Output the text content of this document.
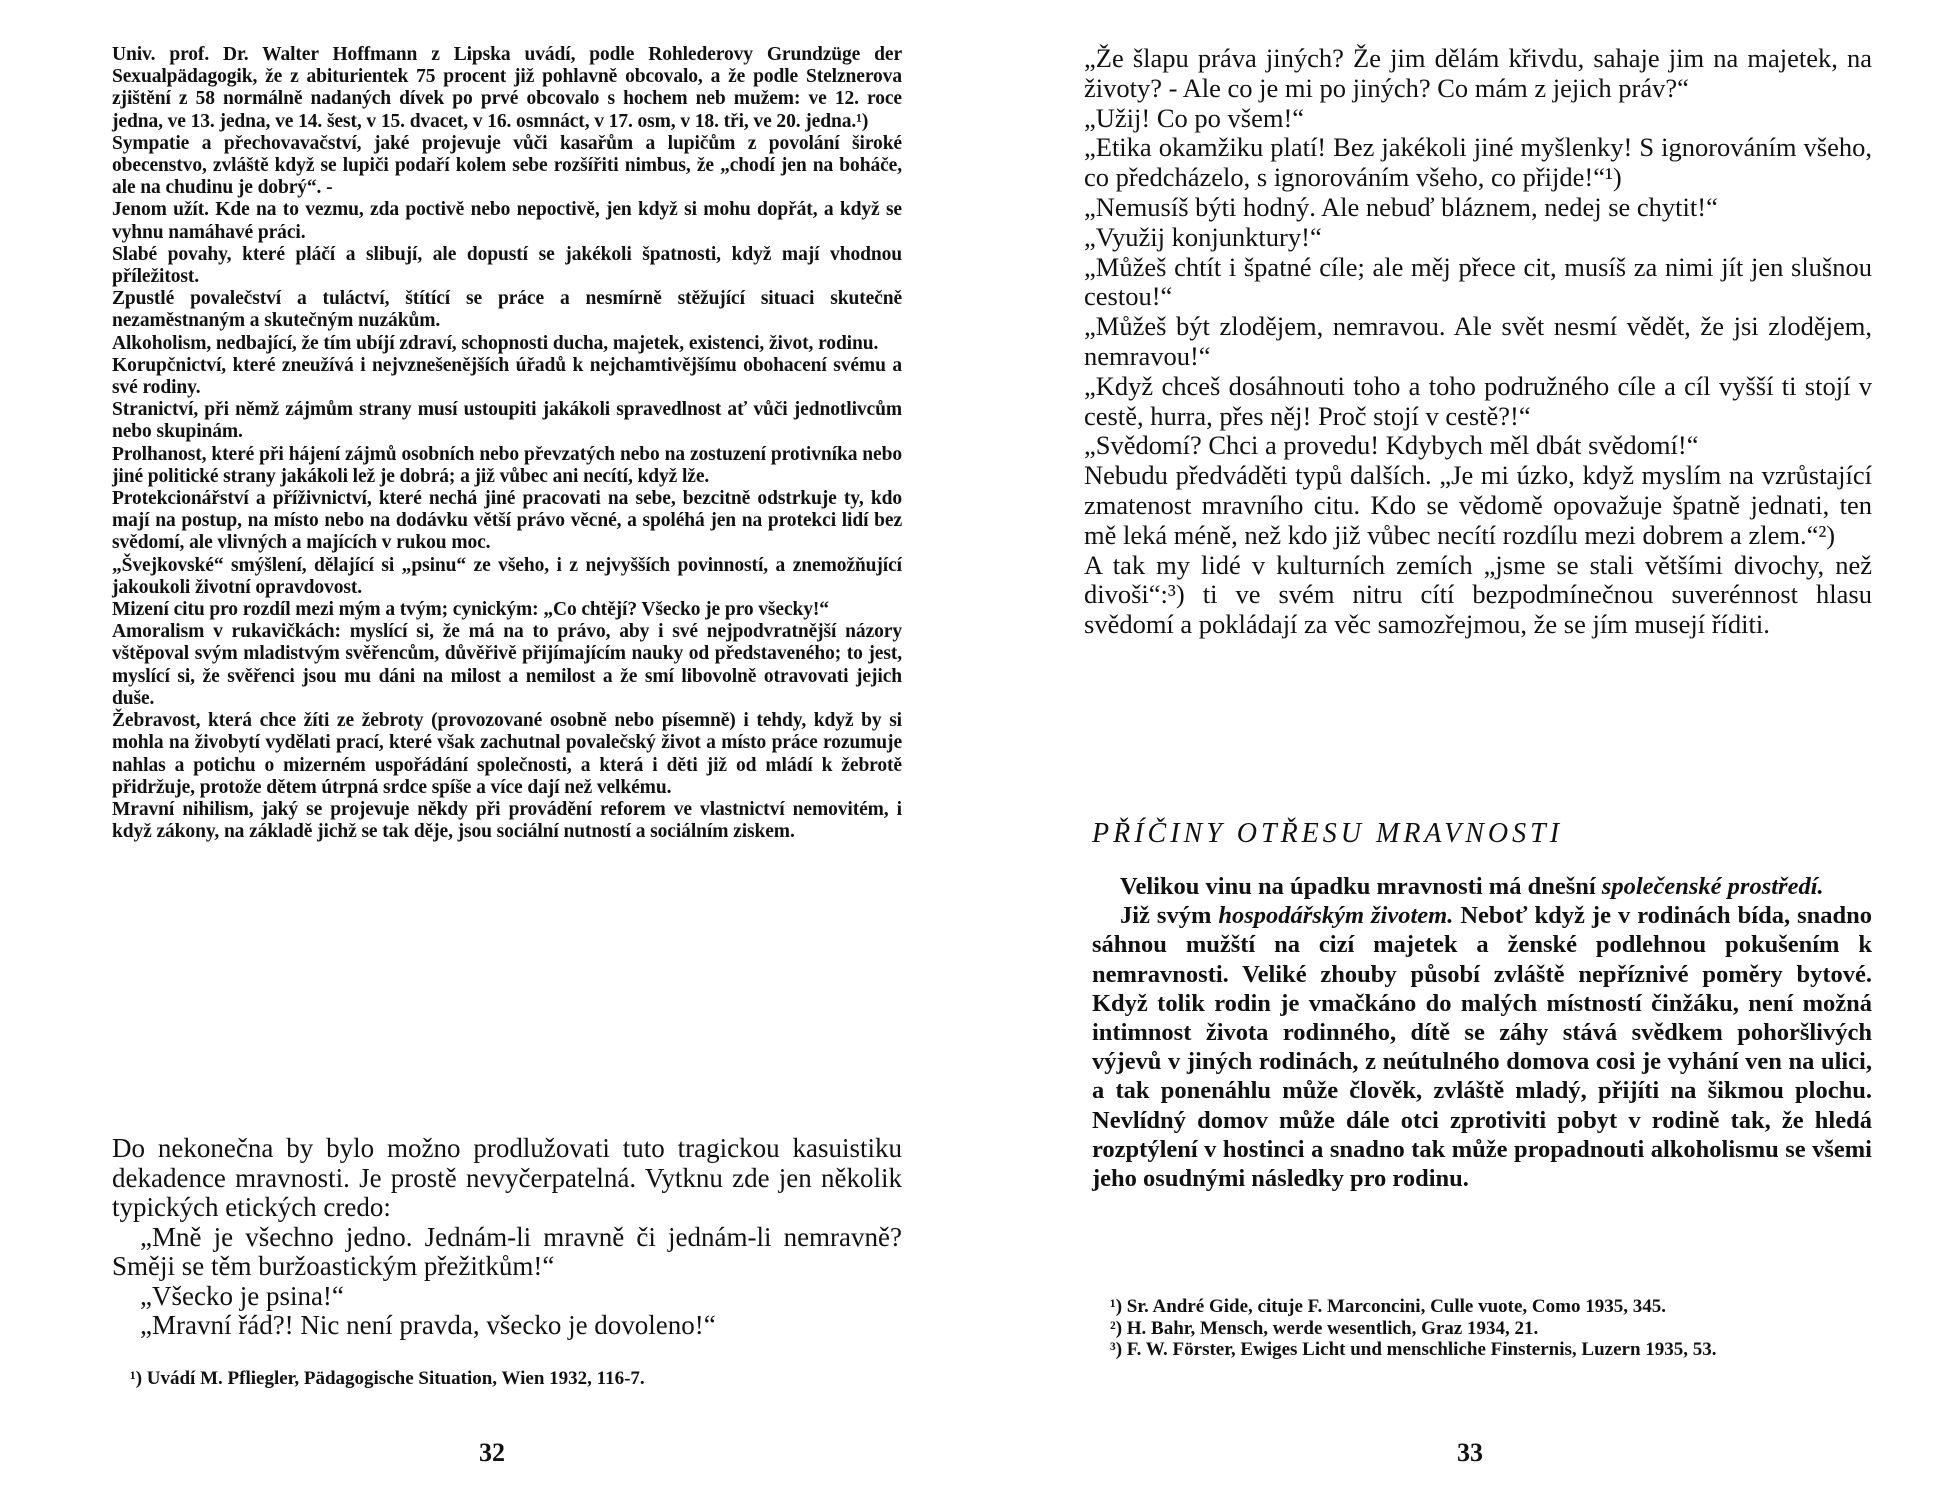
Univ. prof. Dr. Walter Hoffmann z Lipska uvádí, podle Rohlederovy Grundzüge der Sexualpädagogik, že z abiturientek 75 procent již pohlavně obcovalo, a že podle Stelznerova zjištění z 58 normálně nadaných dívek po prvé obcovalo s hochem neb mužem: ve 12. roce jedna, ve 13. jedna, ve 14. šest, v 15. dvacet, v 16. osmnáct, v 17. osm, v 18. tři, ve 20. jedna.¹)

Sympatie a přechovavačství, jaké projevuje vůči kasařům a lupičům z povolání široké obecenstvo, zvláště když se lupiči podaří kolem sebe rozšířiti nimbus, že „chodí jen na boháče, ale na chudinu je dobrý“. -

Jenom užít. Kde na to vezmu, zda poctivě nebo nepoctivě, jen když si mohu dopřát, a když se vyhnu namáhavé práci.

Slabé povahy, které pláčí a slibují, ale dopustí se jakékoli špatnosti, když mají vhodnou příležitost.

Zpustlé povalečství a tuláctví, štítící se práce a nesmírně stěžující situaci skutečně nezaměstnaným a skutečným nuzákům.

Alkoholism, nedbající, že tím ubíjí zdraví, schopnosti ducha, majetek, existenci, život, rodinu.

Korupčnictví, které zneužívá i nejvznešenějších úřadů k nejchamtivějšímu obohacení svému a své rodiny.

Stranictví, při němž zájmům strany musí ustoupiti jakákoli spravedlnost ať vůči jednotlivcům nebo skupinám.

Prolhanost, které při hájení zájmů osobních nebo převzatých nebo na zostuzení protivníka nebo jiné politické strany jakákoli lež je dobrá; a již vůbec ani necítí, když lže.

Protekcionářství a příživnictví, které nechá jiné pracovati na sebe, bezcitně odstrkuje ty, kdo mají na postup, na místo nebo na dodávku větší právo věcné, a spoléhá jen na protekci lidí bez svědomí, ale vlivných a majících v rukou moc.

„Švejkovské“ smýšlení, dělající si „psinu“ ze všeho, i z nejvyšších povinností, a znemožňující jakoukoli životní opravdovost.

Mizení citu pro rozdíl mezi mým a tvým; cynickým: „Co chtějí? Všecko je pro všecky!“

Amoralism v rukavičkách: myslící si, že má na to právo, aby i své nejpodvratnější názory vštěpoval svým mladistvým svěřencům, důvěřivě přijímajícím nauky od představeného; to jest, myslící si, že svěřenci jsou mu dáni na milost a nemilost a že smí libovolně otravovati jejich duše.

Žebravost, která chce žíti ze žebroty (provozované osobně nebo písemně) i tehdy, když by si mohla na živobytí vydělati prací, které však zachutnal povalečský život a místo práce rozumuje nahlas a potichu o mizerném uspořádání společnosti, a která i děti již od mládí k žebrotě přidržuje, protože dětem útrpná srdce spíše a více dají než velkému.

Mravní nihilism, jaký se projevuje někdy při provádění reforem ve vlastnictví nemovitém, i když zákony, na základě jichž se tak děje, jsou sociální nutností a sociálním ziskem.

Do nekonečna by bylo možno prodlužovati tuto tragickou kasuistiku dekadence mravnosti. Je prostě nevyčerpatelná. Vytknu zde jen několik typických etických credo:

„Mně je všechno jedno. Jednám-li mravně či jednám-li nemravně? Směji se těm buržoastickým přežitkům!“

„Všecko je psina!“

„Mravní řád?! Nic není pravda, všecko je dovoleno!“

¹) Uvádí M. Pfliegler, Pädagogische Situation, Wien 1932, 116-7.
32

„Že šlapu práva jiných? Že jim dělám křivdu, sahaje jim na majetek, na životy? - Ale co je mi po jiných? Co mám z jejich práv?“

„Užij! Co po všem!“

„Etika okamžiku platí! Bez jakékoli jiné myšlenky! S ignorováním všeho, co předcházelo, s ignorováním všeho, co přijde!“¹)

„Nemusíš býti hodný. Ale nebuď bláznem, nedej se chytit!“

„Využij konjunktury!“

„Můžeš chtít i špatné cíle; ale měj přece cit, musíš za nimi jít jen slušnou cestou!“

„Můžeš být zlodějem, nemravou. Ale svět nesmí vědět, že jsi zlodějem, nemravou!“

„Když chceš dosáhnouti toho a toho podružného cíle a cíl vyšší ti stojí v cestě, hurra, přes něj! Proč stojí v cestě?!“

„Svědomí? Chci a provedu! Kdybych měl dbát svědomí!“

Nebudu předváděti typů dalších. „Je mi úzko, když myslím na vzrůstající zmatenost mravního citu. Kdo se vědomě opovažuje špatně jednati, ten mě leká méně, než kdo již vůbec necítí rozdílu mezi dobrem a zlem.“²)

A tak my lidé v kulturních zemích „jsme se stali většími divochy, než divoši“:³) ti ve svém nitru cítí bezpodmínečnou suverénnost hlasu svědomí a pokládají za věc samozřejmou, že se jím musejí říditi.

PŘÍČINY OTŘESU MRAVNOSTI

Velikou vinu na úpadku mravnosti má dnešní společenské prostředí.

Již svým hospodářským životem. Neboť když je v rodinách bída, snadno sáhnou mužští na cizí majetek a ženské podlehnou pokušením k nemravnosti. Veliké zhouby působí zvláště nepříznivé poměry bytové. Když tolik rodin je vmačkáno do malých místností činžáku, není možná intimnost života rodinného, dítě se záhy stává svědkem pohoršlivých výjevů v jiných rodinách, z neútulného domova cosi je vyhání ven na ulici, a tak ponenáhlu může člověk, zvláště mladý, přijíti na šikmou plochu. Nevlídný domov může dále otci zprotiviti pobyt v rodině tak, že hledá rozptýlení v hostinci a snadno tak může propadnouti alkoholismu se všemi jeho osudnými následky pro rodinu.

¹) Sr. André Gide, cituje F. Marconcini, Culle vuote, Como 1935, 345.

²) H. Bahr, Mensch, werde wesentlich, Graz 1934, 21.

³) F. W. Förster, Ewiges Licht und menschliche Finsternis, Luzern 1935, 53.

33
